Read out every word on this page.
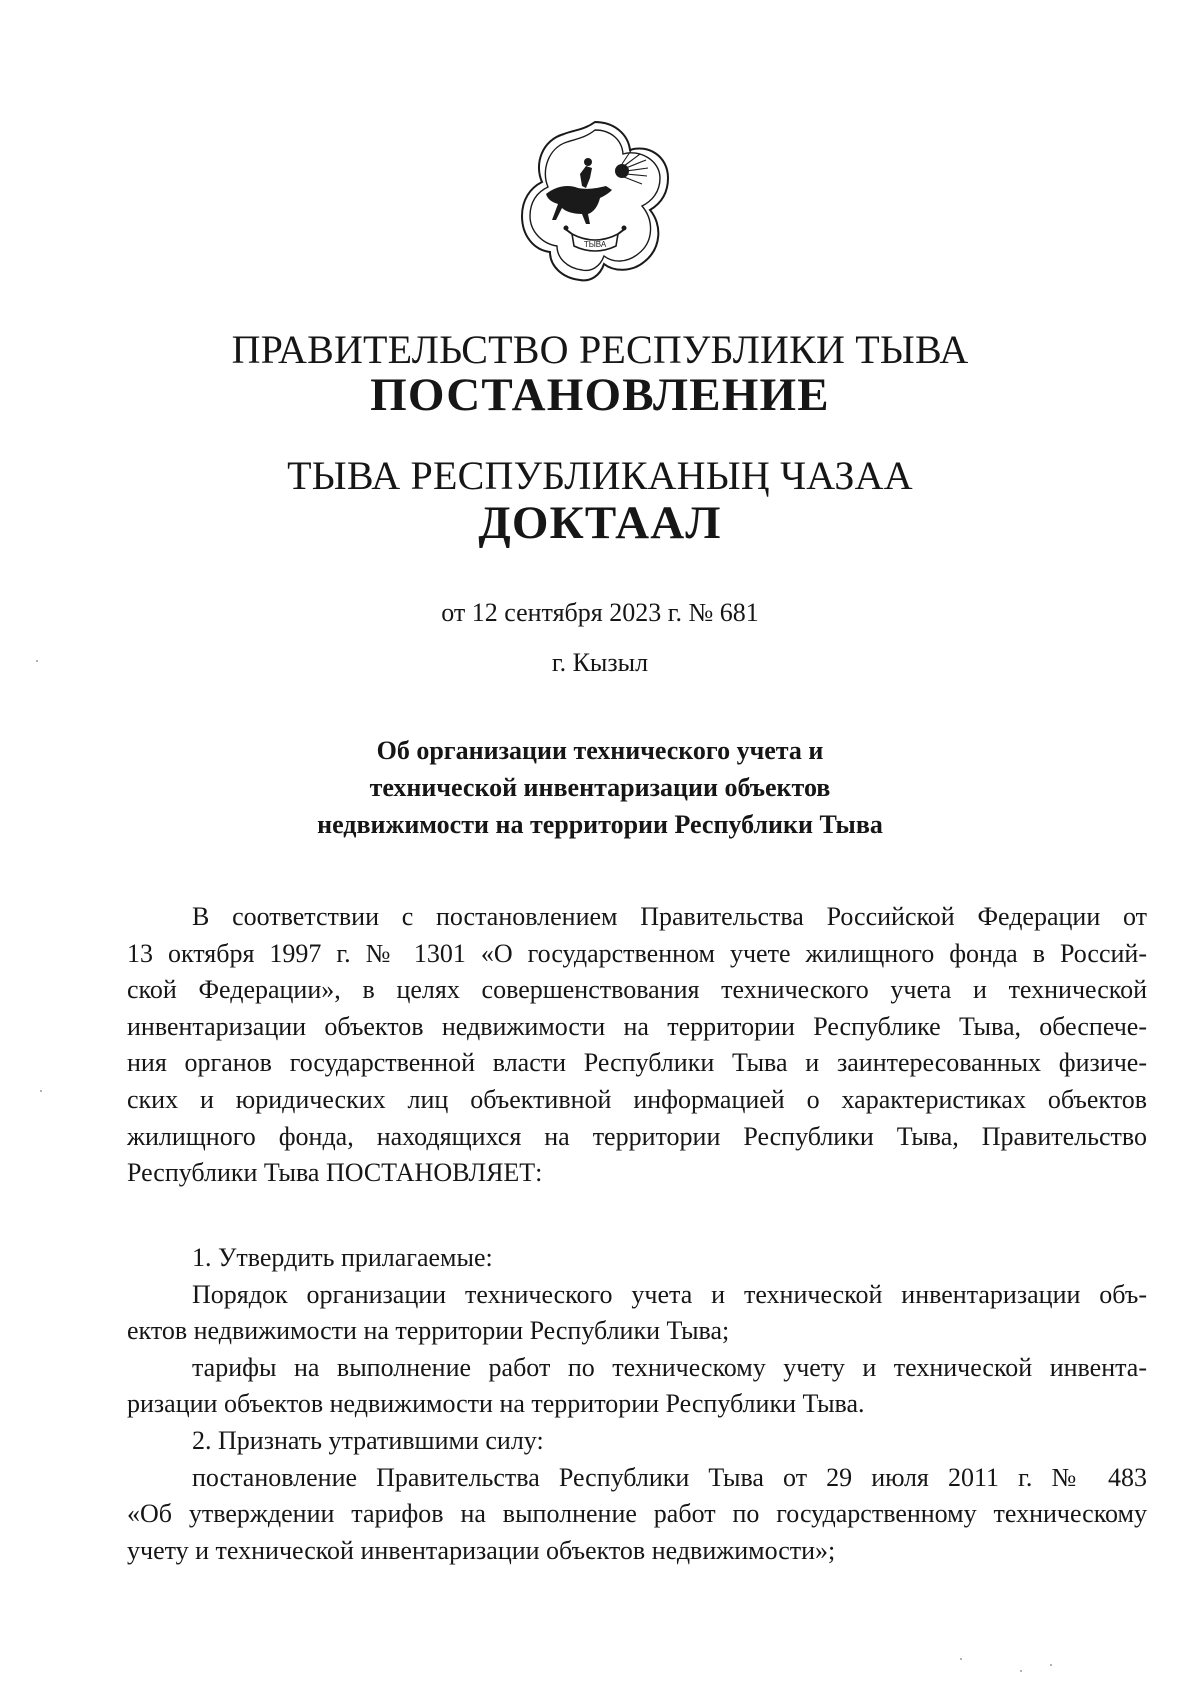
ТЫВА
ПРАВИТЕЛЬСТВО РЕСПУБЛИКИ ТЫВА
ПОСТАНОВЛЕНИЕ
ТЫВА РЕСПУБЛИКАНЫҢ ЧАЗАА
ДОКТААЛ
от 12 сентября 2023 г. № 681
г. Кызыл
Об организации технического учета и
технической инвентаризации объектов
недвижимости на территории Республики Тыва
В соответствии с постановлением Правительства Российской Федерации от
13 октября 1997 г. № 1301 «О государственном учете жилищного фонда в Россий-
ской Федерации», в целях совершенствования технического учета и технической
инвентаризации объектов недвижимости на территории Республике Тыва, обеспече-
ния органов государственной власти Республики Тыва и заинтересованных физиче-
ских и юридических лиц объективной информацией о характеристиках объектов
жилищного фонда, находящихся на территории Республики Тыва, Правительство
Республики Тыва ПОСТАНОВЛЯЕТ:
1. Утвердить прилагаемые:
Порядок организации технического учета и технической инвентаризации объ-
ектов недвижимости на территории Республики Тыва;
тарифы на выполнение работ по техническому учету и технической инвента-
ризации объектов недвижимости на территории Республики Тыва.
2. Признать утратившими силу:
постановление Правительства Республики Тыва от 29 июля 2011 г. № 483
«Об утверждении тарифов на выполнение работ по государственному техническому
учету и технической инвентаризации объектов недвижимости»;
